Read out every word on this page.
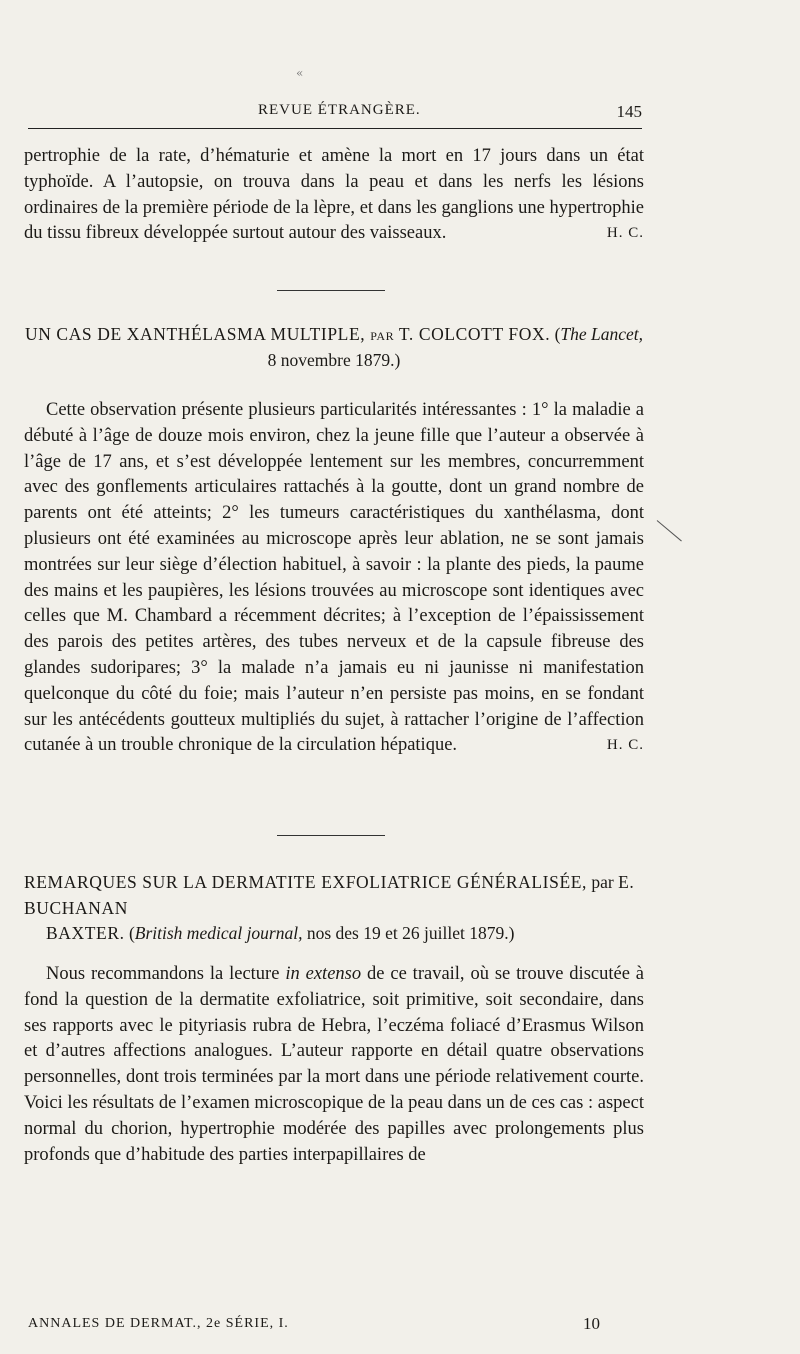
«
REVUE ÉTRANGÈRE.	145
pertrophie de la rate, d’hématurie et amène la mort en 17 jours dans un état typhoïde. A l’autopsie, on trouva dans la peau et dans les nerfs les lésions ordinaires de la première période de la lèpre, et dans les ganglions une hypertrophie du tissu fibreux développée surtout autour des vaisseaux.	H. C.
UN CAS DE XANTHÉLASMA MULTIPLE, par T. COLCOTT FOX. (The Lancet,
8 novembre 1879.)
Cette observation présente plusieurs particularités intéressantes : 1° la maladie a débuté à l’âge de douze mois environ, chez la jeune fille que l’auteur a observée à l’âge de 17 ans, et s’est développée lentement sur les membres, concurremment avec des gonflements articulaires rattachés à la goutte, dont un grand nombre de parents ont été atteints; 2° les tumeurs caractéristiques du xanthélasma, dont plusieurs ont été examinées au microscope après leur ablation, ne se sont jamais montrées sur leur siège d’élection habituel, à savoir : la plante des pieds, la paume des mains et les paupières, les lésions trouvées au microscope sont identiques avec celles que M. Chambard a récemment décrites; à l’exception de l’épaississement des parois des petites artères, des tubes nerveux et de la capsule fibreuse des glandes sudoripares; 3° la malade n’a jamais eu ni jaunisse ni manifestation quelconque du côté du foie; mais l’auteur n’en persiste pas moins, en se fondant sur les antécédents goutteux multipliés du sujet, à rattacher l’origine de l’affection cutanée à un trouble chronique de la circulation hépatique.	H. C.
REMARQUES SUR LA DERMATITE EXFOLIATRICE GÉNÉRALISÉE, par E. BUCHANAN
BAXTER. (British medical journal, nos des 19 et 26 juillet 1879.)
Nous recommandons la lecture in extenso de ce travail, où se trouve discutée à fond la question de la dermatite exfoliatrice, soit primitive, soit secondaire, dans ses rapports avec le pityriasis rubra de Hebra, l’eczéma foliacé d’Erasmus Wilson et d’autres affections analogues. L’auteur rapporte en détail quatre observations personnelles, dont trois terminées par la mort dans une période relativement courte. Voici les résultats de l’examen microscopique de la peau dans un de ces cas : aspect normal du chorion, hypertrophie modérée des papilles avec prolongements plus profonds que d’habitude des parties interpapillaires de
ANNALES DE DERMAT., 2e SÉRIE, I.	10
